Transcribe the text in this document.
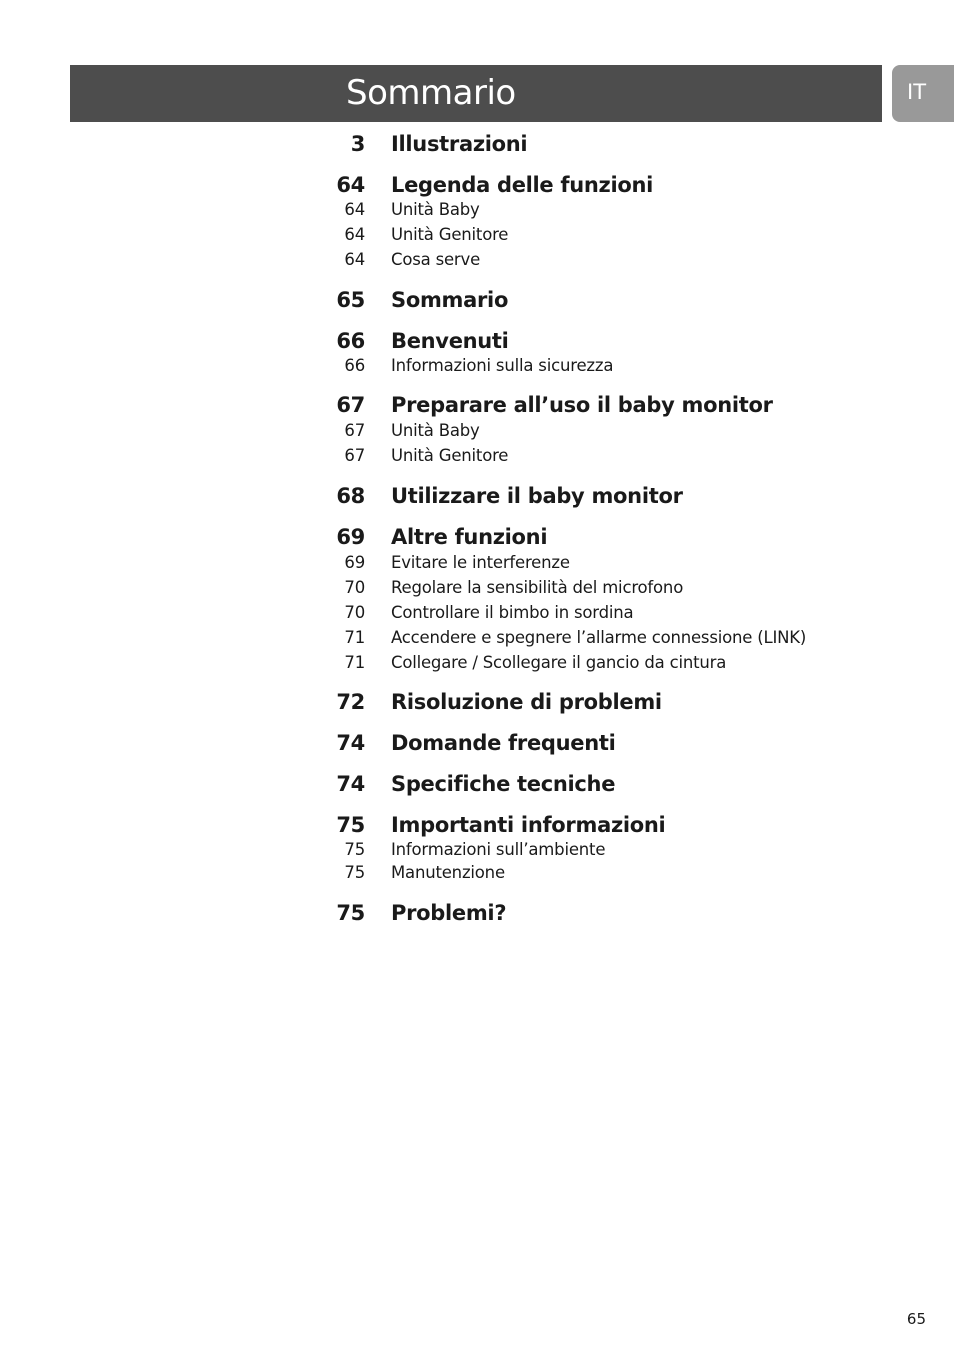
Sommario	IT
3 Illustrazioni
64 Legenda delle funzioni
64 Unità Baby
64 Unità Genitore
64 Cosa serve
65 Sommario
66 Benvenuti
66 Informazioni sulla sicurezza
67 Preparare all’uso il baby monitor
67 Unità Baby
67 Unità Genitore
68 Utilizzare il baby monitor
69 Altre funzioni
69 Evitare le interferenze
70 Regolare la sensibilità del microfono
70 Controllare il bimbo in sordina
71 Accendere e spegnere l’allarme connessione (LINK)
71 Collegare / Scollegare il gancio da cintura
72 Risoluzione di problemi
74 Domande frequenti
74 Specifiche tecniche
75 Importanti informazioni
75 Informazioni sull’ambiente
75 Manutenzione
75 Problemi?
65
